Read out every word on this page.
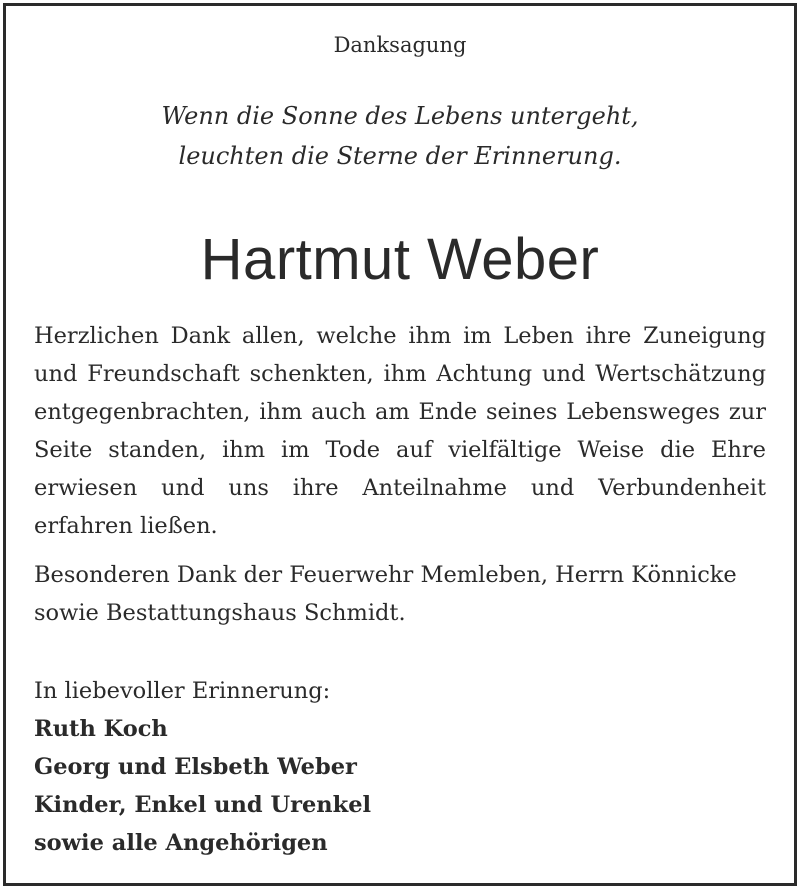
Danksagung
Wenn die Sonne des Lebens untergeht,
leuchten die Sterne der Erinnerung.
Hartmut Weber

Herzlichen Dank allen, welche ihm im Leben ihre Zuneigung und Freundschaft schenkten, ihm Achtung und Wertschätzung entgegenbrachten, ihm auch am Ende seines Lebensweges zur Seite standen, ihm im Tode auf vielfältige Weise die Ehre erwiesen und uns ihre Anteilnahme und Verbundenheit erfahren ließen.

Besonderen Dank der Feuerwehr Memleben, Herrn Könnicke
sowie Bestattungshaus Schmidt.

In liebevoller Erinnerung:
Ruth Koch
Georg und Elsbeth Weber
Kinder, Enkel und Urenkel
sowie alle Angehörigen
